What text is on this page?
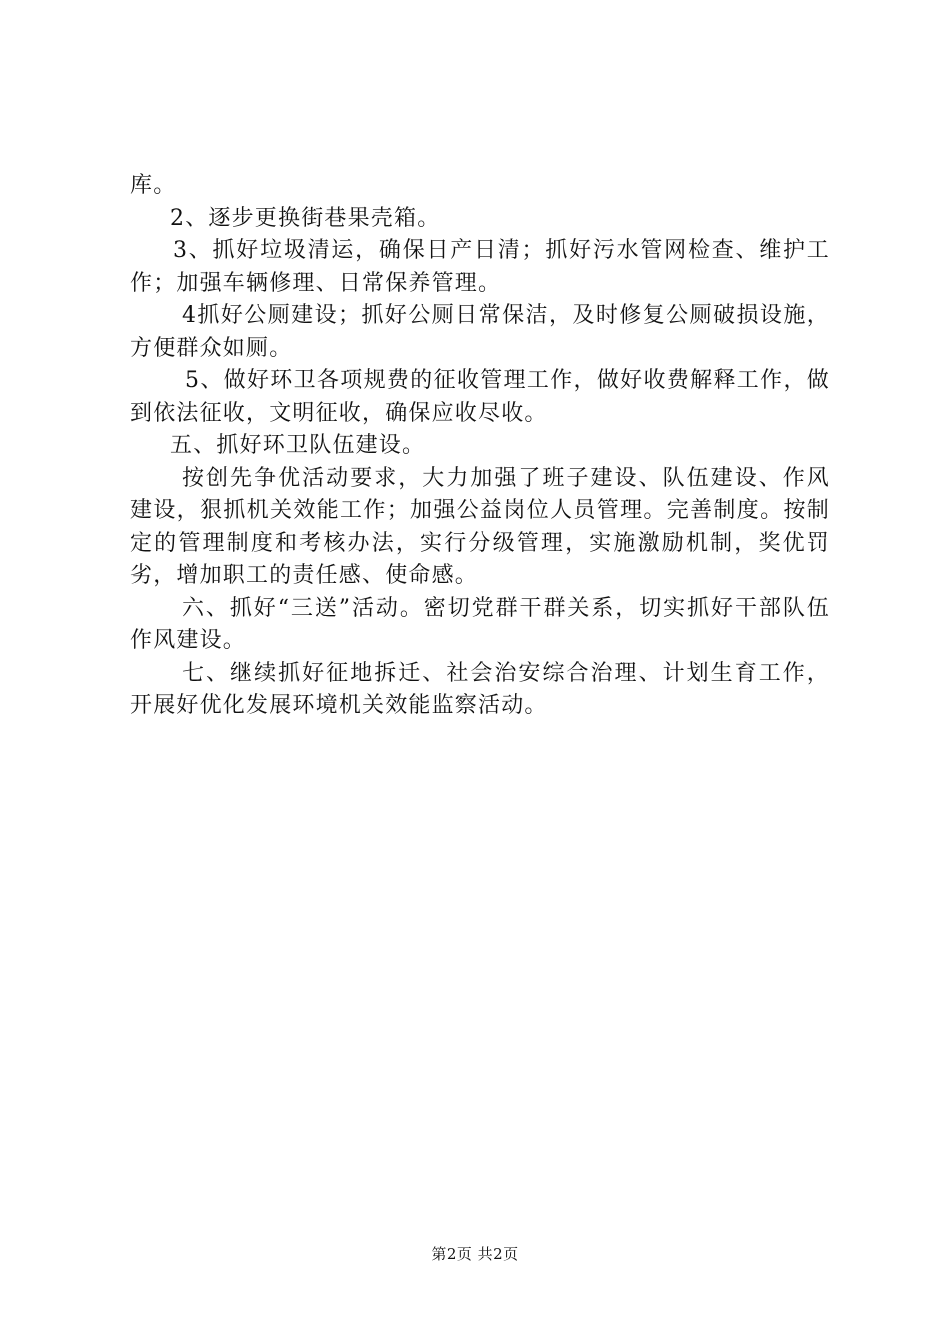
库。

2、逐步更换街巷果壳箱。

3、抓好垃圾清运，确保日产日清；抓好污水管网检查、维护工作；加强车辆修理、日常保养管理。

4抓好公厕建设；抓好公厕日常保洁，及时修复公厕破损设施，方便群众如厕。

5、做好环卫各项规费的征收管理工作，做好收费解释工作，做到依法征收，文明征收，确保应收尽收。

五、抓好环卫队伍建设。

按创先争优活动要求，大力加强了班子建设、队伍建设、作风建设，狠抓机关效能工作；加强公益岗位人员管理。完善制度。按制定的管理制度和考核办法，实行分级管理，实施激励机制，奖优罚劣，增加职工的责任感、使命感。

六、抓好“三送”活动。密切党群干群关系，切实抓好干部队伍作风建设。

七、继续抓好征地拆迁、社会治安综合治理、计划生育工作，开展好优化发展环境机关效能监察活动。

第2页 共2页
